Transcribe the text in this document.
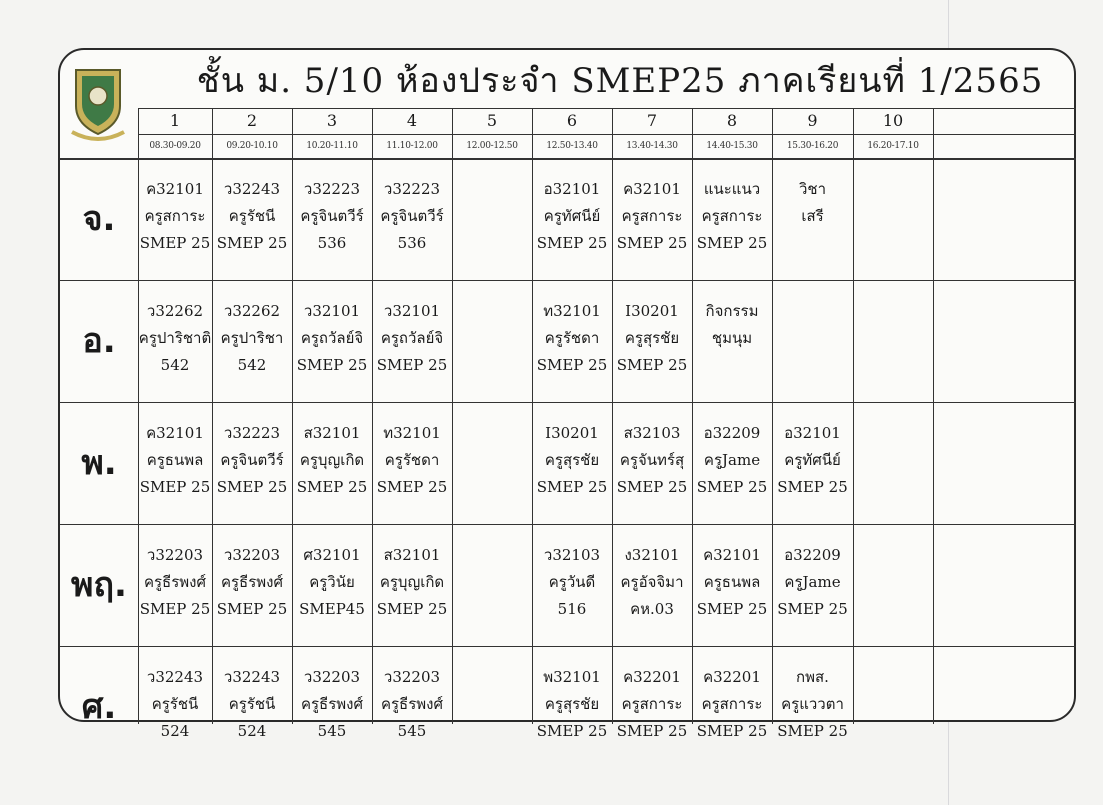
ชั้น ม. 5/10 ห้องประจำ SMEP25 ภาคเรียนที่ 1/2565
1
08.30-09.20
2
09.20-10.10
3
10.20-11.10
4
11.10-12.00
5
12.00-12.50
6
12.50-13.40
7
13.40-14.30
8
14.40-15.30
9
15.30-16.20
10
16.20-17.10
จ.
ค32101
ครูสการะ
SMEP 25
ว32243
ครูรัชนี
SMEP 25
ว32223
ครูจินตวีร์
536
ว32223
ครูจินตวีร์
536
อ32101
ครูทัศนีย์
SMEP 25
ค32101
ครูสการะ
SMEP 25
แนะแนว
ครูสการะ
SMEP 25
วิชา
เสรี
อ.
ว32262
ครูปาริชาติ
542
ว32262
ครูปาริชา
542
ว32101
ครูถวัลย์จิ
SMEP 25
ว32101
ครูถวัลย์จิ
SMEP 25
ท32101
ครูรัชดา
SMEP 25
I30201
ครูสุรชัย
SMEP 25
กิจกรรม
ชุมนุม
พ.
ค32101
ครูธนพล
SMEP 25
ว32223
ครูจินตวีร์
SMEP 25
ส32101
ครูบุญเกิด
SMEP 25
ท32101
ครูรัชดา
SMEP 25
I30201
ครูสุรชัย
SMEP 25
ส32103
ครูจันทร์สุ
SMEP 25
อ32209
ครูJame
SMEP 25
อ32101
ครูทัศนีย์
SMEP 25
พฤ.
ว32203
ครูธีรพงศ์
SMEP 25
ว32203
ครูธีรพงศ์
SMEP 25
ศ32101
ครูวินัย
SMEP45
ส32101
ครูบุญเกิด
SMEP 25
ว32103
ครูวันดี
516
ง32101
ครูอัจจิมา
คห.03
ค32101
ครูธนพล
SMEP 25
อ32209
ครูJame
SMEP 25
ศ.
ว32243
ครูรัชนี
524
ว32243
ครูรัชนี
524
ว32203
ครูธีรพงศ์
545
ว32203
ครูธีรพงศ์
545
พ32101
ครูสุรชัย
SMEP 25
ค32201
ครูสการะ
SMEP 25
ค32201
ครูสการะ
SMEP 25
กพส.
ครูแววตา
SMEP 25
